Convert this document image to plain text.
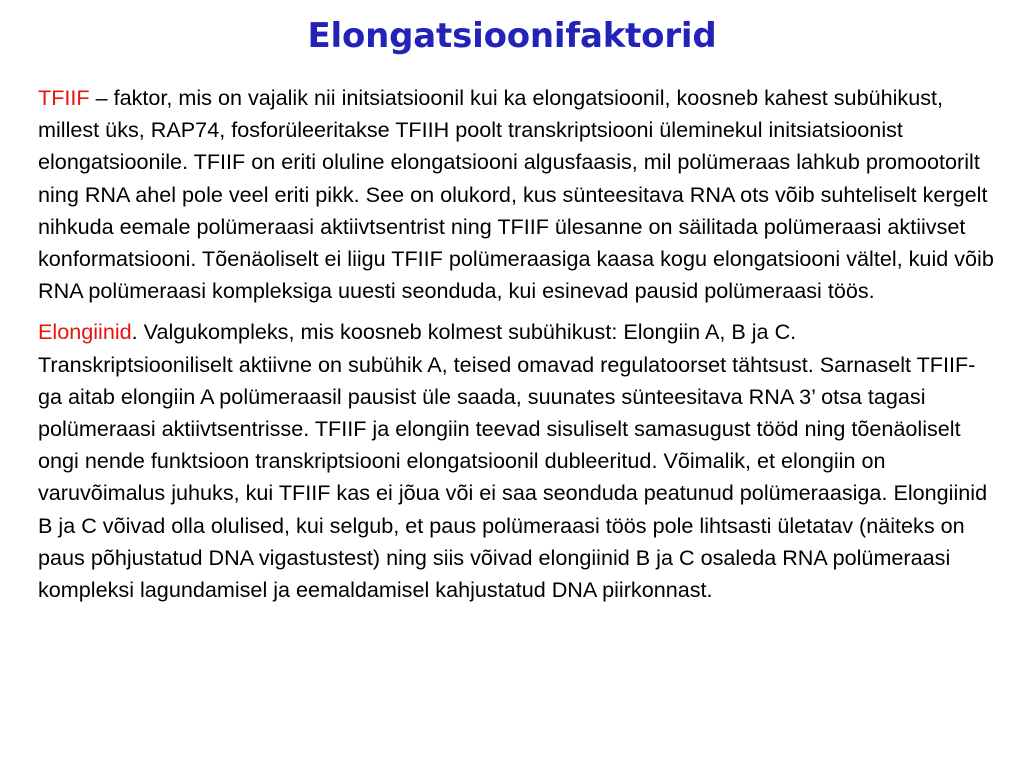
Elongatsioonifaktorid

TFIIF – faktor, mis on vajalik nii initsiatsioonil kui ka elongatsioonil, koosneb kahest subühikust, millest üks, RAP74, fosforüleeritakse TFIIH poolt transkriptsiooni üleminekul initsiatsioonist elongatsioonile. TFIIF on eriti oluline elongatsiooni algusfaasis, mil polümeraas lahkub promootorilt ning RNA ahel pole veel eriti pikk. See on olukord, kus sünteesitava RNA ots võib suhteliselt kergelt nihkuda eemale polümeraasi aktiivtsentrist ning TFIIF ülesanne on säilitada polümeraasi aktiivset konformatsiooni. Tõenäoliselt ei liigu TFIIF polümeraasiga kaasa kogu elongatsiooni vältel, kuid võib RNA polümeraasi kompleksiga uuesti seonduda, kui esinevad pausid polümeraasi töös.

Elongiinid. Valgukompleks, mis koosneb kolmest subühikust: Elongiin A, B ja C. Transkriptsiooniliselt aktiivne on subühik A, teised omavad regulatoorset tähtsust. Sarnaselt TFIIF-ga aitab elongiin A polümeraasil pausist üle saada, suunates sünteesitava RNA 3’ otsa tagasi polümeraasi aktiivtsentrisse. TFIIF ja elongiin teevad sisuliselt samasugust tööd ning tõenäoliselt ongi nende funktsioon transkriptsiooni elongatsioonil dubleeritud. Võimalik, et elongiin on varuvõimalus juhuks, kui TFIIF kas ei jõua või ei saa seonduda peatunud polümeraasiga. Elongiinid B ja C võivad olla olulised, kui selgub, et paus polümeraasi töös pole lihtsasti ületatav (näiteks on paus põhjustatud DNA vigastustest) ning siis võivad elongiinid B ja C osaleda RNA polümeraasi kompleksi lagundamisel ja eemaldamisel kahjustatud DNA piirkonnast.
